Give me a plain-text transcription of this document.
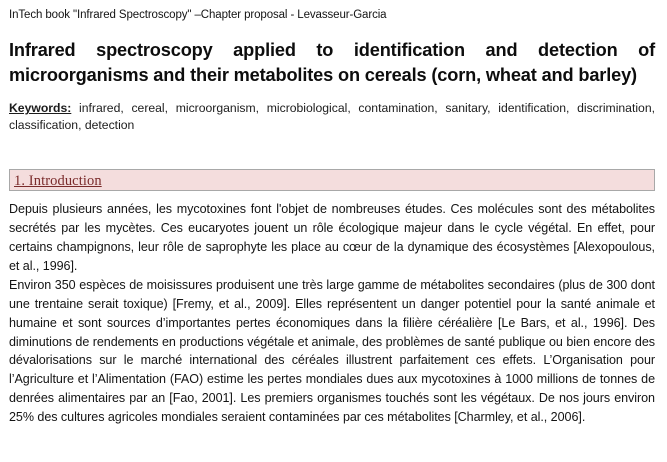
InTech book "Infrared Spectroscopy" –Chapter proposal - Levasseur-Garcia
Infrared spectroscopy applied to identification and detection of microorganisms and their metabolites on cereals (corn, wheat and barley)
Keywords: infrared, cereal, microorganism, microbiological, contamination, sanitary, identification, discrimination, classification, detection
1. Introduction

Depuis plusieurs années, les mycotoxines font l'objet de nombreuses études. Ces molécules sont des métabolites secrétés par les mycètes. Ces eucaryotes jouent un rôle écologique majeur dans le cycle végétal. En effet, pour certains champignons, leur rôle de saprophyte les place au cœur de la dynamique des écosystèmes [Alexopoulous, et al., 1996].

Environ 350 espèces de moisissures produisent une très large gamme de métabolites secondaires (plus de 300 dont une trentaine serait toxique) [Fremy, et al., 2009]. Elles représentent un danger potentiel pour la santé animale et humaine et sont sources d’importantes pertes économiques dans la filière céréalière [Le Bars, et al., 1996]. Des diminutions de rendements en productions végétale et animale, des problèmes de santé publique ou bien encore des dévalorisations sur le marché international des céréales illustrent parfaitement ces effets. L’Organisation pour l’Agriculture et l’Alimentation (FAO) estime les pertes mondiales dues aux mycotoxines à 1000 millions de tonnes de denrées alimentaires par an [Fao, 2001]. Les premiers organismes touchés sont les végétaux. De nos jours environ 25% des cultures agricoles mondiales seraient contaminées par ces métabolites [Charmley, et al., 2006].
